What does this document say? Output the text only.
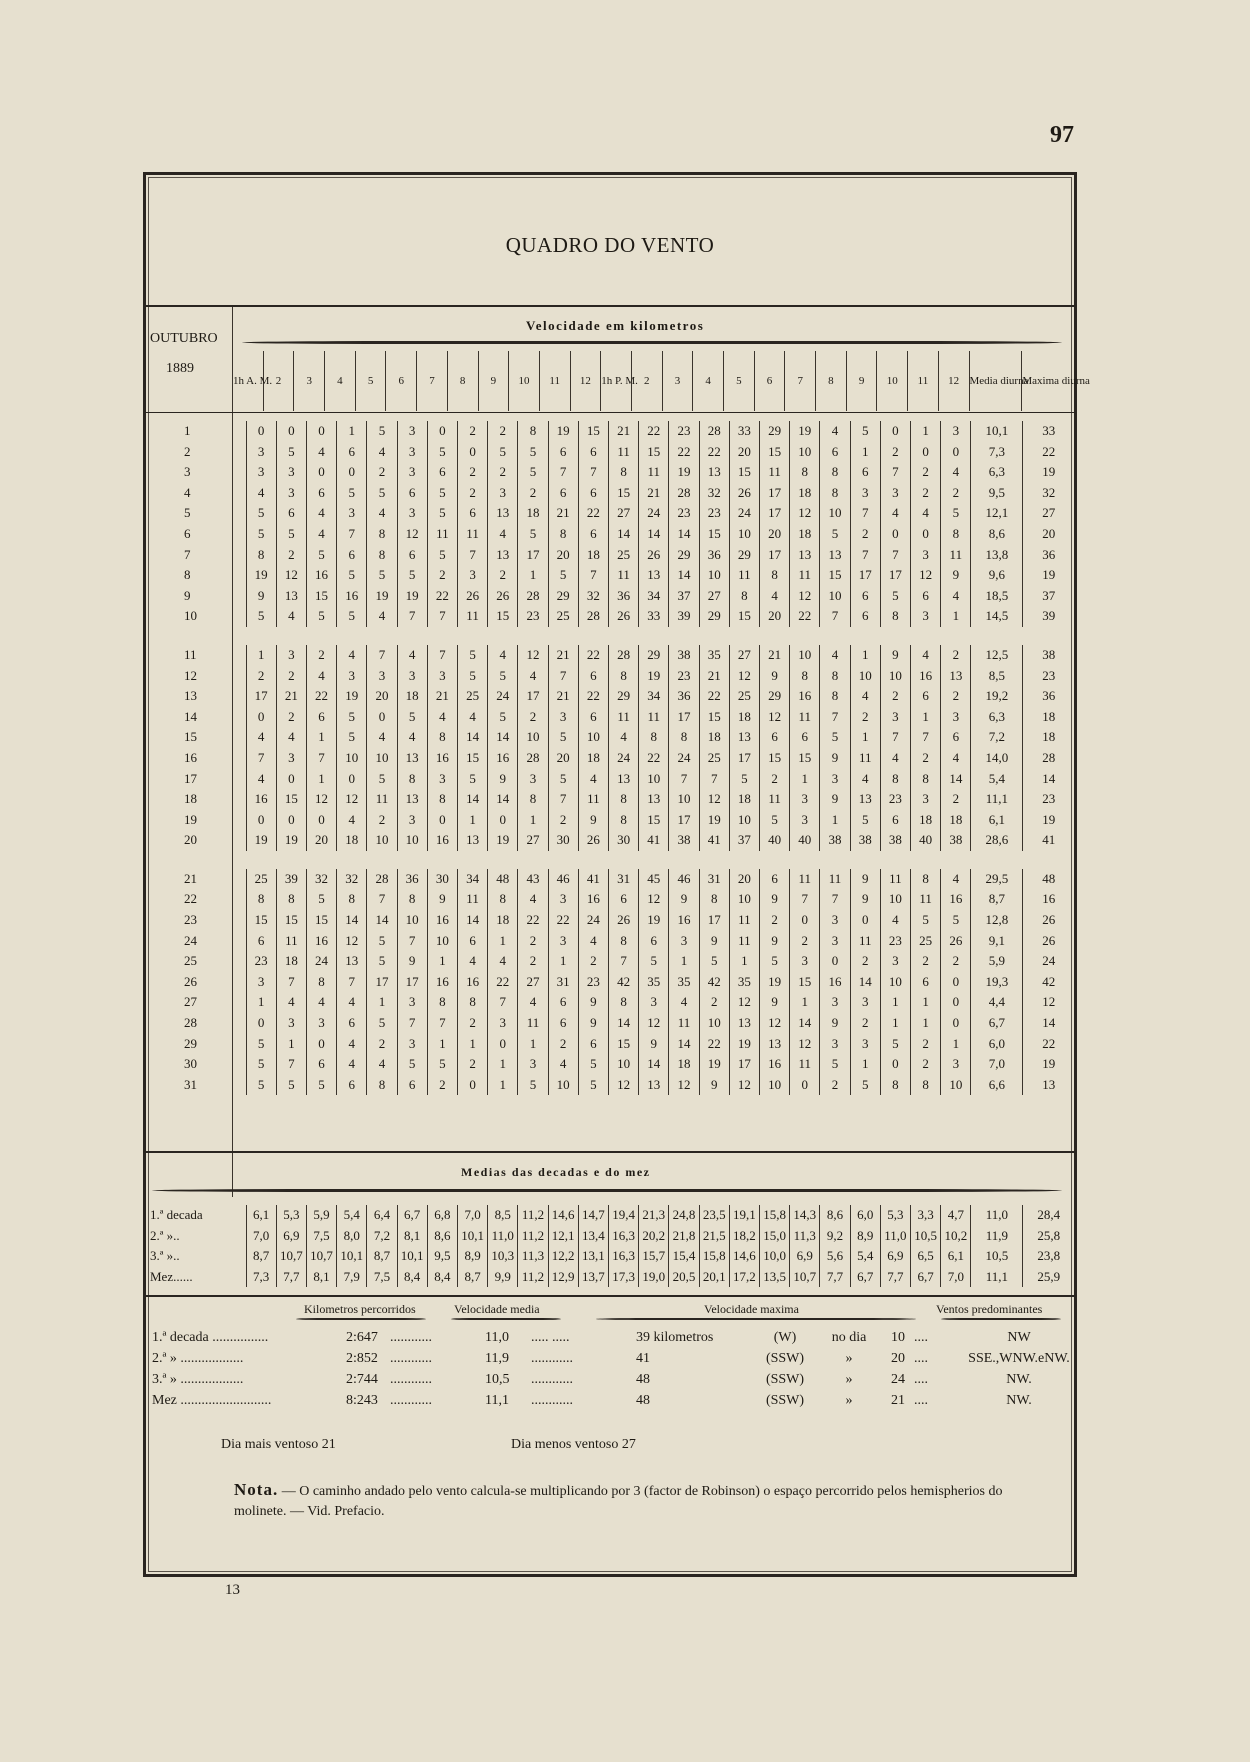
97
QUADRO DO VENTO
OUTUBRO
1889
Velocidade em kilometros
1h A. M.	2	3	4	5	6	7	8	9	10	11	12	1h P. M.	2	3	4	5	6	7	8	9	10	11	12	Media diurna	Maxima diurna
1	0	0	0	1	5	3	0	2	2	8	19	15	21	22	23	28	33	29	19	4	5	0	1	3	10,1	33
2	3	5	4	6	4	3	5	0	5	5	6	6	11	15	22	22	20	15	10	6	1	2	0	0	7,3	22
3	3	3	0	0	2	3	6	2	2	5	7	7	8	11	19	13	15	11	8	8	6	7	2	4	6,3	19
4	4	3	6	5	5	6	5	2	3	2	6	6	15	21	28	32	26	17	18	8	3	3	2	2	9,5	32
5	5	6	4	3	4	3	5	6	13	18	21	22	27	24	23	23	24	17	12	10	7	4	4	5	12,1	27
6	5	5	4	7	8	12	11	11	4	5	8	6	14	14	14	15	10	20	18	5	2	0	0	8	8,6	20
7	8	2	5	6	8	6	5	7	13	17	20	18	25	26	29	36	29	17	13	13	7	7	3	11	13,8	36
8	19	12	16	5	5	5	2	3	2	1	5	7	11	13	14	10	11	8	11	15	17	17	12	9	9,6	19
9	9	13	15	16	19	19	22	26	26	28	29	32	36	34	37	27	8	4	12	10	6	5	6	4	18,5	37
10	5	4	5	5	4	7	7	11	15	23	25	28	26	33	39	29	15	20	22	7	6	8	3	1	14,5	39

11	1	3	2	4	7	4	7	5	4	12	21	22	28	29	38	35	27	21	10	4	1	9	4	2	12,5	38
12	2	2	4	3	3	3	3	5	5	4	7	6	8	19	23	21	12	9	8	8	10	10	16	13	8,5	23
13	17	21	22	19	20	18	21	25	24	17	21	22	29	34	36	22	25	29	16	8	4	2	6	2	19,2	36
14	0	2	6	5	0	5	4	4	5	2	3	6	11	11	17	15	18	12	11	7	2	3	1	3	6,3	18
15	4	4	1	5	4	4	8	14	14	10	5	10	4	8	8	18	13	6	6	5	1	7	7	6	7,2	18
16	7	3	7	10	10	13	16	15	16	28	20	18	24	22	24	25	17	15	15	9	11	4	2	4	14,0	28
17	4	0	1	0	5	8	3	5	9	3	5	4	13	10	7	7	5	2	1	3	4	8	8	14	5,4	14
18	16	15	12	12	11	13	8	14	14	8	7	11	8	13	10	12	18	11	3	9	13	23	3	2	11,1	23
19	0	0	0	4	2	3	0	1	0	1	2	9	8	15	17	19	10	5	3	1	5	6	18	18	6,1	19
20	19	19	20	18	10	10	16	13	19	27	30	26	30	41	38	41	37	40	40	38	38	38	40	38	28,6	41

21	25	39	32	32	28	36	30	34	48	43	46	41	31	45	46	31	20	6	11	11	9	11	8	4	29,5	48
22	8	8	5	8	7	8	9	11	8	4	3	16	6	12	9	8	10	9	7	7	9	10	11	16	8,7	16
23	15	15	15	14	14	10	16	14	18	22	22	24	26	19	16	17	11	2	0	3	0	4	5	5	12,8	26
24	6	11	16	12	5	7	10	6	1	2	3	4	8	6	3	9	11	9	2	3	11	23	25	26	9,1	26
25	23	18	24	13	5	9	1	4	4	2	1	2	7	5	1	5	1	5	3	0	2	3	2	2	5,9	24
26	3	7	8	7	17	17	16	16	22	27	31	23	42	35	35	42	35	19	15	16	14	10	6	0	19,3	42
27	1	4	4	4	1	3	8	8	7	4	6	9	8	3	4	2	12	9	1	3	3	1	1	0	4,4	12
28	0	3	3	6	5	7	7	2	3	11	6	9	14	12	11	10	13	12	14	9	2	1	1	0	6,7	14
29	5	1	0	4	2	3	1	1	0	1	2	6	15	9	14	22	19	13	12	3	3	5	2	1	6,0	22
30	5	7	6	4	4	5	5	2	1	3	4	5	10	14	18	19	17	16	11	5	1	0	2	3	7,0	19
31	5	5	5	6	8	6	2	0	1	5	10	5	12	13	12	9	12	10	0	2	5	8	8	10	6,6	13
Medias das decadas e do mez
1.ª decada	6,1	5,3	5,9	5,4	6,4	6,7	6,8	7,0	8,5	11,2	14,6	14,7	19,4	21,3	24,8	23,5	19,1	15,8	14,3	8,6	6,0	5,3	3,3	4,7	11,0	28,4
2.ª »..	7,0	6,9	7,5	8,0	7,2	8,1	8,6	10,1	11,0	11,2	12,1	13,4	16,3	20,2	21,8	21,5	18,2	15,0	11,3	9,2	8,9	11,0	10,5	10,2	11,9	25,8
3.ª »..	8,7	10,7	10,7	10,1	8,7	10,1	9,5	8,9	10,3	11,3	12,2	13,1	16,3	15,7	15,4	15,8	14,6	10,0	6,9	5,6	5,4	6,9	6,5	6,1	10,5	23,8
Mez......	7,3	7,7	8,1	7,9	7,5	8,4	8,4	8,7	9,9	11,2	12,9	13,7	17,3	19,0	20,5	20,1	17,2	13,5	10,7	7,7	6,7	7,7	6,7	7,0	11,1	25,9
Kilometros percorridos	Velocidade media	Velocidade maxima	Ventos predominantes
1.ª decada ................	2:647	............	11,0	..... .....	39 kilometros	(W)	no dia	10	....	NW
2.ª » ..................	2:852	............	11,9	............	41	(SSW)	»	20	....	SSE.,WNW.eNW.
3.ª » ..................	2:744	............	10,5	............	48	(SSW)	»	24	....	NW.
Mez ..........................	8:243	............	11,1	............	48	(SSW)	»	21	....	NW.
Dia mais ventoso 21	Dia menos ventoso 27
Nota. — O caminho andado pelo vento calcula-se multiplicando por 3 (factor de Robinson) o espaço percorrido pelos hemispherios do molinete. — Vid. Prefacio.
13
